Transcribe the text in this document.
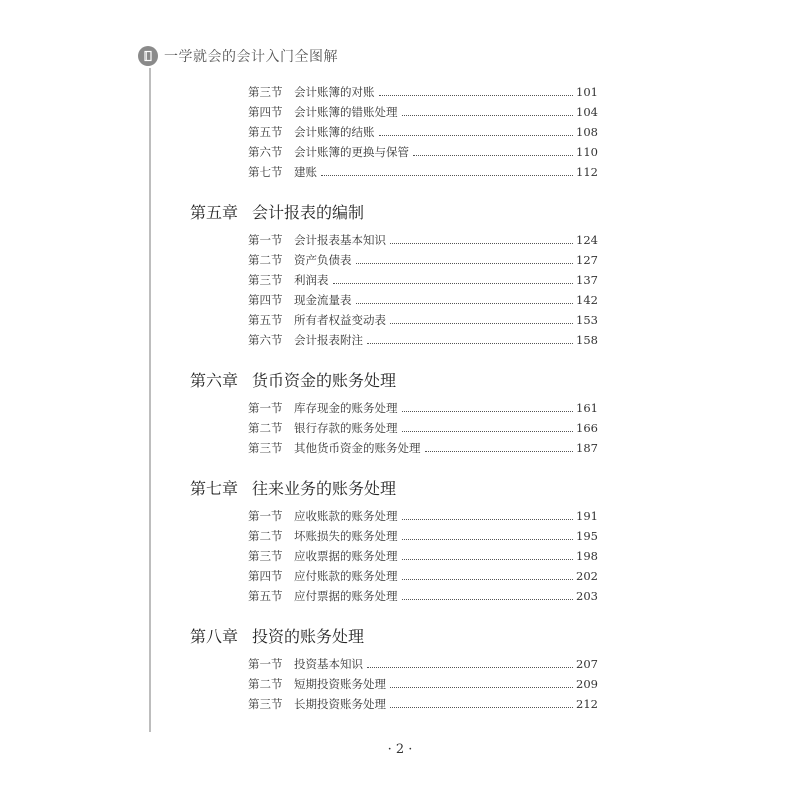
一学就会的会计入门全图解
第三节	会计账簿的对账	101
第四节	会计账簿的错账处理	104
第五节	会计账簿的结账	108
第六节	会计账簿的更换与保管	110
第七节	建账	112
第五章 会计报表的编制
第一节	会计报表基本知识	124
第二节	资产负债表	127
第三节	利润表	137
第四节	现金流量表	142
第五节	所有者权益变动表	153
第六节	会计报表附注	158
第六章 货币资金的账务处理
第一节	库存现金的账务处理	161
第二节	银行存款的账务处理	166
第三节	其他货币资金的账务处理	187
第七章 往来业务的账务处理
第一节	应收账款的账务处理	191
第二节	坏账损失的账务处理	195
第三节	应收票据的账务处理	198
第四节	应付账款的账务处理	202
第五节	应付票据的账务处理	203
第八章 投资的账务处理
第一节	投资基本知识	207
第二节	短期投资账务处理	209
第三节	长期投资账务处理	212
· 2 ·
